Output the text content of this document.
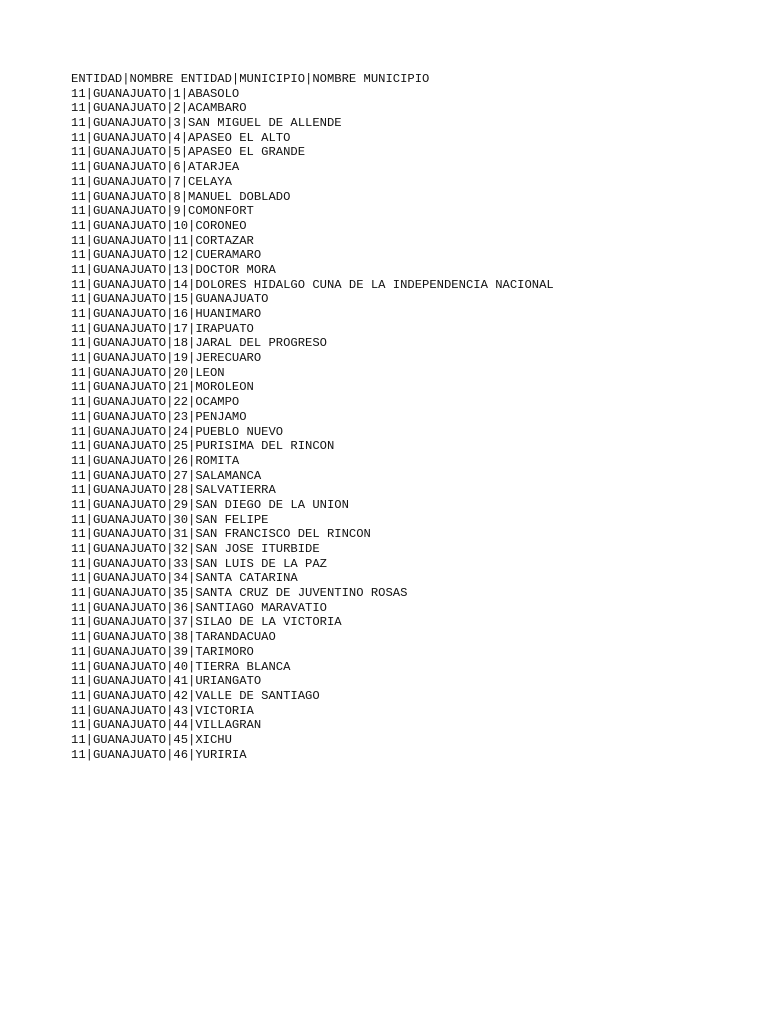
ENTIDAD|NOMBRE ENTIDAD|MUNICIPIO|NOMBRE MUNICIPIO
11|GUANAJUATO|1|ABASOLO
11|GUANAJUATO|2|ACAMBARO
11|GUANAJUATO|3|SAN MIGUEL DE ALLENDE
11|GUANAJUATO|4|APASEO EL ALTO
11|GUANAJUATO|5|APASEO EL GRANDE
11|GUANAJUATO|6|ATARJEA
11|GUANAJUATO|7|CELAYA
11|GUANAJUATO|8|MANUEL DOBLADO
11|GUANAJUATO|9|COMONFORT
11|GUANAJUATO|10|CORONEO
11|GUANAJUATO|11|CORTAZAR
11|GUANAJUATO|12|CUERAMARO
11|GUANAJUATO|13|DOCTOR MORA
11|GUANAJUATO|14|DOLORES HIDALGO CUNA DE LA INDEPENDENCIA NACIONAL
11|GUANAJUATO|15|GUANAJUATO
11|GUANAJUATO|16|HUANIMARO
11|GUANAJUATO|17|IRAPUATO
11|GUANAJUATO|18|JARAL DEL PROGRESO
11|GUANAJUATO|19|JERECUARO
11|GUANAJUATO|20|LEON
11|GUANAJUATO|21|MOROLEON
11|GUANAJUATO|22|OCAMPO
11|GUANAJUATO|23|PENJAMO
11|GUANAJUATO|24|PUEBLO NUEVO
11|GUANAJUATO|25|PURISIMA DEL RINCON
11|GUANAJUATO|26|ROMITA
11|GUANAJUATO|27|SALAMANCA
11|GUANAJUATO|28|SALVATIERRA
11|GUANAJUATO|29|SAN DIEGO DE LA UNION
11|GUANAJUATO|30|SAN FELIPE
11|GUANAJUATO|31|SAN FRANCISCO DEL RINCON
11|GUANAJUATO|32|SAN JOSE ITURBIDE
11|GUANAJUATO|33|SAN LUIS DE LA PAZ
11|GUANAJUATO|34|SANTA CATARINA
11|GUANAJUATO|35|SANTA CRUZ DE JUVENTINO ROSAS
11|GUANAJUATO|36|SANTIAGO MARAVATIO
11|GUANAJUATO|37|SILAO DE LA VICTORIA
11|GUANAJUATO|38|TARANDACUAO
11|GUANAJUATO|39|TARIMORO
11|GUANAJUATO|40|TIERRA BLANCA
11|GUANAJUATO|41|URIANGATO
11|GUANAJUATO|42|VALLE DE SANTIAGO
11|GUANAJUATO|43|VICTORIA
11|GUANAJUATO|44|VILLAGRAN
11|GUANAJUATO|45|XICHU
11|GUANAJUATO|46|YURIRIA
